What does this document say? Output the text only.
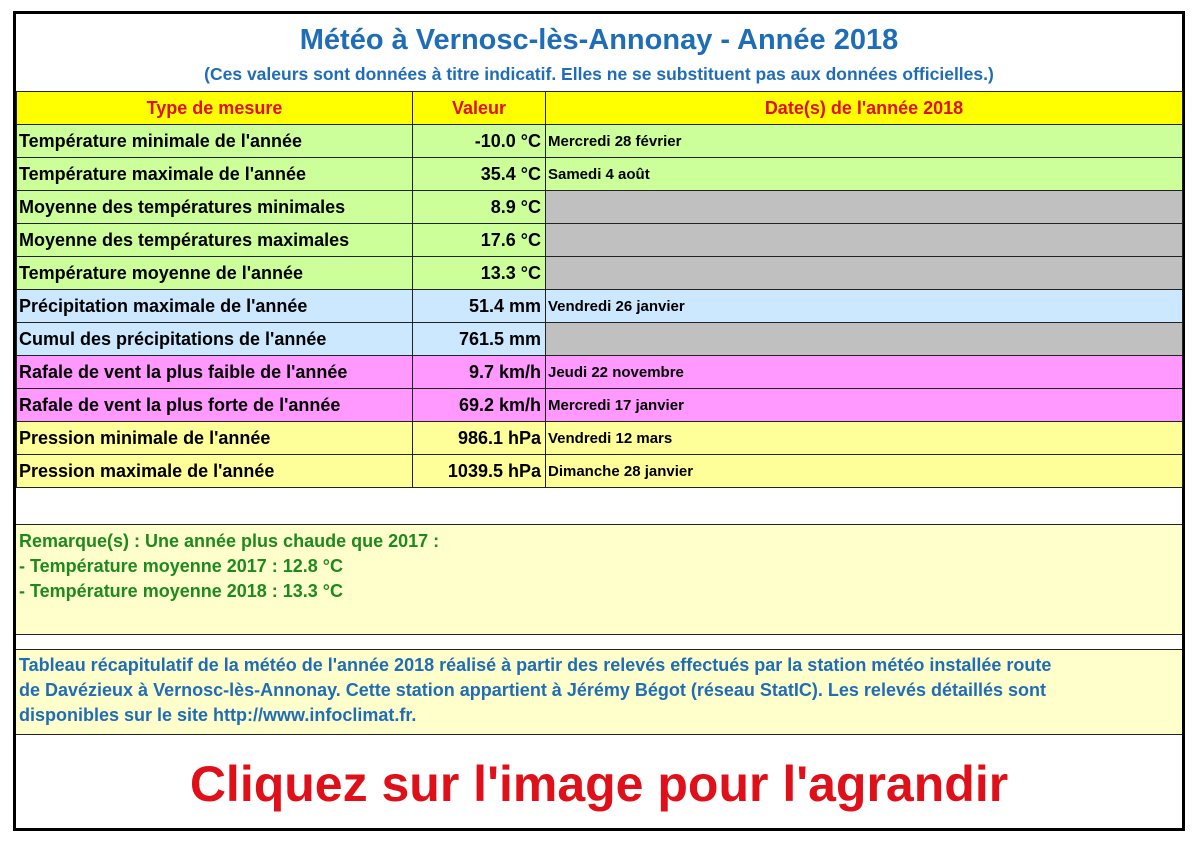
Météo à Vernosc-lès-Annonay - Année 2018
(Ces valeurs sont données à titre indicatif. Elles ne se substituent pas aux données officielles.)
Type de mesure	Valeur	Date(s) de l'année 2018
Température minimale de l'année	-10.0 °C	Mercredi 28 février
Température maximale de l'année	35.4 °C	Samedi 4 août
Moyenne des températures minimales	8.9 °C	
Moyenne des températures maximales	17.6 °C	
Température moyenne de l'année	13.3 °C	
Précipitation maximale de l'année	51.4 mm	Vendredi 26 janvier
Cumul des précipitations de l'année	761.5 mm	
Rafale de vent la plus faible de l'année	9.7 km/h	Jeudi 22 novembre
Rafale de vent la plus forte de l'année	69.2 km/h	Mercredi 17 janvier
Pression minimale de l'année	986.1 hPa	Vendredi 12 mars
Pression maximale de l'année	1039.5 hPa	Dimanche 28 janvier
Remarque(s) : Une année plus chaude que 2017 :
- Température moyenne 2017 : 12.8 °C
- Température moyenne 2018 : 13.3 °C
Tableau récapitulatif de la météo de l'année 2018 réalisé à partir des relevés effectués par la station météo installée route
de Davézieux à Vernosc-lès-Annonay. Cette station appartient à Jérémy Bégot (réseau StatIC). Les relevés détaillés sont
disponibles sur le site http://www.infoclimat.fr.
Cliquez sur l'image pour l'agrandir
